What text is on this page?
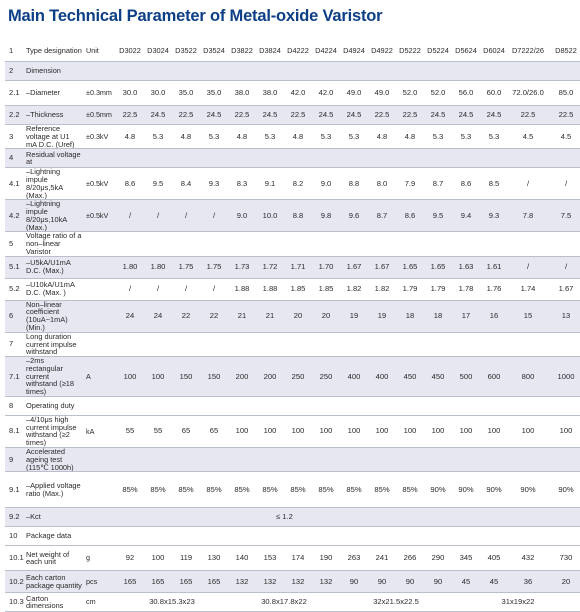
Main Technical Parameter of Metal-oxide Varistor
1	Type designation	Unit	D3022	D3024	D3522	D3524	D3822	D3824	D4222	D4224	D4924	D4922	D5222	D5224	D5624	D6024	D7222/26	D8522
2	Dimension																	
2.1	–Diameter	±0.3mm	30.0	30.0	35.0	35.0	38.0	38.0	42.0	42.0	49.0	49.0	52.0	52.0	56.0	60.0	72.0/26.0	85.0
2.2	–Thickness	±0.5mm	22.5	24.5	22.5	24.5	22.5	24.5	22.5	24.5	24.5	22.5	22.5	24.5	24.5	24.5	22.5	22.5
3	Reference voltage at U1 mA D.C. (Uref)	±0.3kV	4.8	5.3	4.8	5.3	4.8	5.3	4.8	5.3	5.3	4.8	4.8	5.3	5.3	5.3	4.5	4.5
4	Residual voltage at																	
4.1	–Lightning impule 8/20μs,5kA (Max.)	±0.5kV	8.6	9.5	8.4	9.3	8.3	9.1	8.2	9.0	8.8	8.0	7.9	8.7	8.6	8.5	/	/
4.2	–Lightning impule 8/20μs,10kA (Max.)	±0.5kV	/	/	/	/	9.0	10.0	8.8	9.8	9.6	8.7	8.6	9.5	9.4	9.3	7.8	7.5
5	Voltage ratio of a non–linear Varistor																	
5.1	–U5kA/U1mA D.C. (Max.)		1.80	1.80	1.75	1.75	1.73	1.72	1.71	1.70	1.67	1.67	1.65	1.65	1.63	1.61	/	/
5.2	–U10kA/U1mA D.C. (Max. )		/	/	/	/	1.88	1.88	1.85	1.85	1.82	1.82	1.79	1.79	1.78	1.76	1.74	1.67
6	Non–linear coefficient (10uA~1mA) (Min.)		24	24	22	22	21	21	20	20	19	19	18	18	17	16	15	13
7	Long duration current impulse withstand																	
7.1	–2ms rectangular current withstand (≥18 times)	A	100	100	150	150	200	200	250	250	400	400	450	450	500	600	800	1000
8	Operating duty																	
8.1	–4/10μs high current impulse withstand (≥2 times)	kA	55	55	65	65	100	100	100	100	100	100	100	100	100	100	100	100
9	Accelerated ageing test (115℃ 1000h)																	
9.1	–Applied voltage ratio (Max.)		85%	85%	85%	85%	85%	85%	85%	85%	85%	85%	85%	90%	90%	90%	90%	90%
9.2	–Kct		≤ 1.2															
10	Package data																	
10.1	Net weight of each unit	g	92	100	119	130	140	153	174	190	263	241	266	290	345	405	432	730
10.2	Each carton package quantity	pcs	165	165	165	165	132	132	132	132	90	90	90	90	45	45	36	20
10.3	Carton dimensions	cm	30.8x15.3x23				30.8x17.8x22				32x21.5x22.5				31x19x22			
